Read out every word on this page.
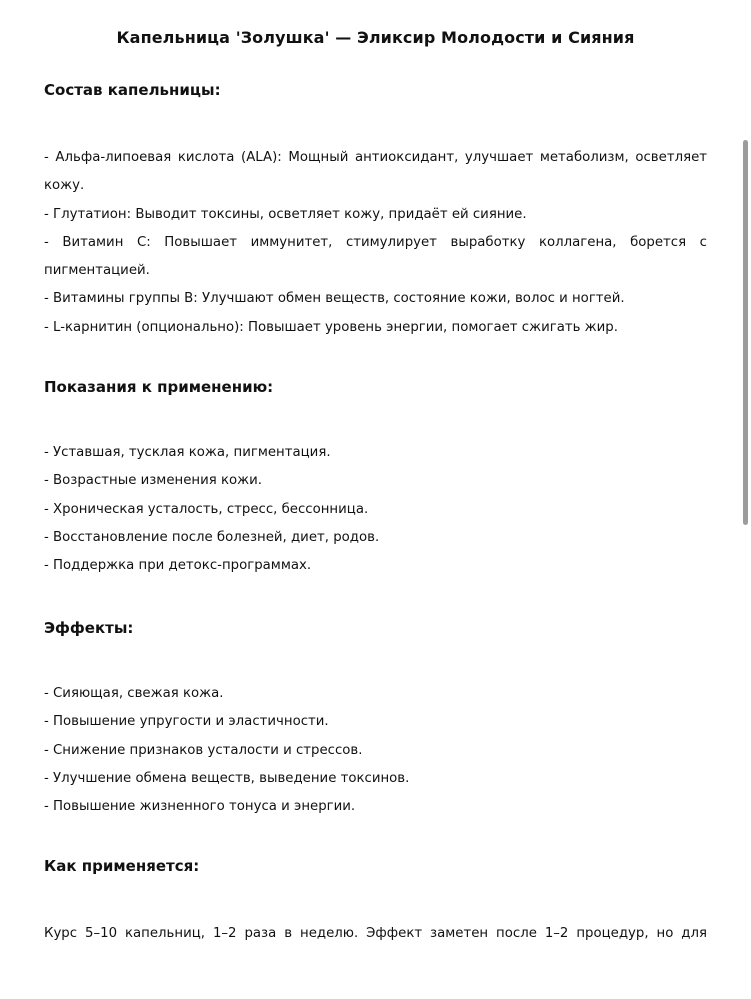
Капельница 'Золушка' — Эликсир Молодости и Сияния
Состав капельницы:
- Альфа-липоевая кислота (ALA): Мощный антиоксидант, улучшает метаболизм, осветляет кожу.
- Глутатион: Выводит токсины, осветляет кожу, придаёт ей сияние.
- Витамин С: Повышает иммунитет, стимулирует выработку коллагена, борется с пигментацией.
- Витамины группы B: Улучшают обмен веществ, состояние кожи, волос и ногтей.
- L-карнитин (опционально): Повышает уровень энергии, помогает сжигать жир.
Показания к применению:
- Уставшая, тусклая кожа, пигментация.
- Возрастные изменения кожи.
- Хроническая усталость, стресс, бессонница.
- Восстановление после болезней, диет, родов.
- Поддержка при детокс-программах.
Эффекты:
- Сияющая, свежая кожа.
- Повышение упругости и эластичности.
- Снижение признаков усталости и стрессов.
- Улучшение обмена веществ, выведение токсинов.
- Повышение жизненного тонуса и энергии.
Как применяется:

Курс 5–10 капельниц, 1–2 раза в неделю. Эффект заметен после 1–2 процедур, но для
